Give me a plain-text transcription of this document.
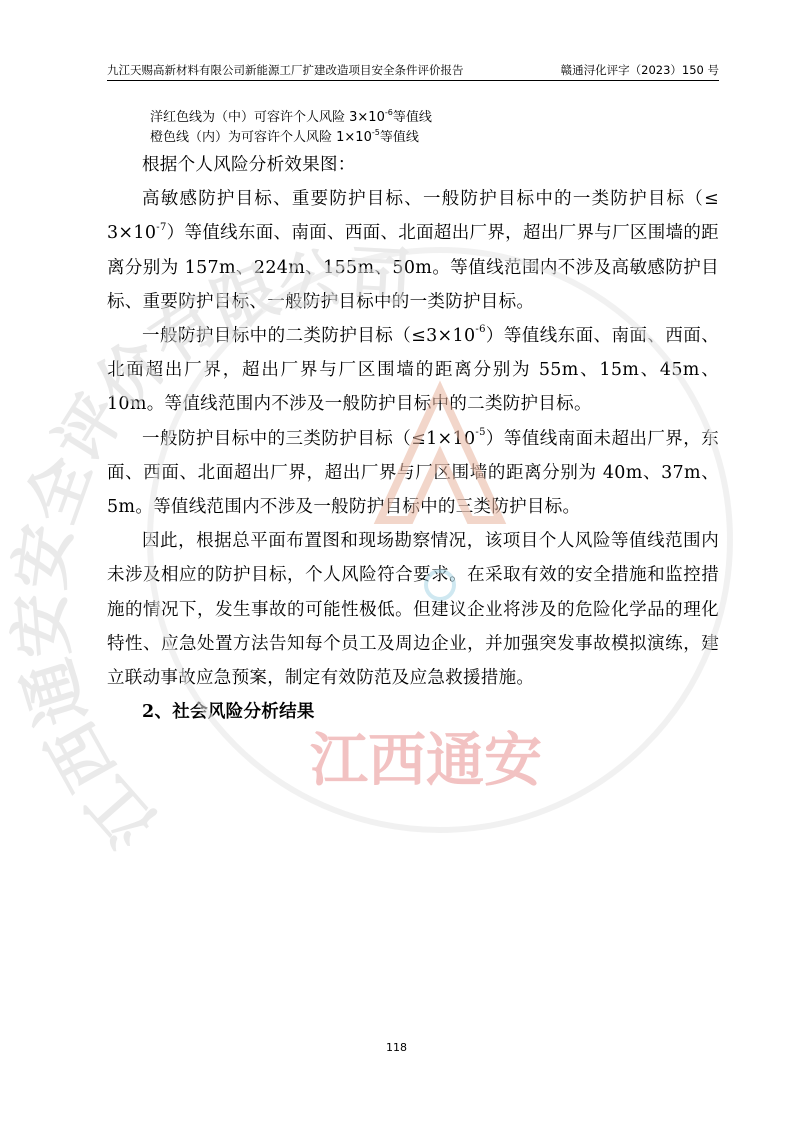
九江天赐高新材料有限公司新能源工厂扩建改造项目安全条件评价报告	赣通浔化评字（2023）150 号
洋红色线为（中）可容许个人风险 $3\times 10^{-6}$等值线
橙色线（内）为可容许个人风险 $1\times 10^{-5}$等值线

根据个人风险分析效果图：

高敏感防护目标、重要防护目标、一般防护目标中的一类防护目标（≤ $3\times 10^{-7}$）等值线东面、南面、西面、北面超出厂界，超出厂界与厂区围墙的距离分别为 157m、224m、155m、50m。等值线范围内不涉及高敏感防护目标、重要防护目标、一般防护目标中的一类防护目标。

一般防护目标中的二类防护目标$(\le 3\times 10^{-6})$等值线东面、南面、西面、北面超出厂界，超出厂界与厂区围墙的距离分别为 55m、15m、45m、10m。等值线范围内不涉及一般防护目标中的二类防护目标。

一般防护目标中的三类防护目标$(\le 1\times 10^{-5})$等值线南面未超出厂界，东面、西面、北面超出厂界，超出厂界与厂区围墙的距离分别为 40m、37m、5m。等值线范围内不涉及一般防护目标中的三类防护目标。

因此，根据总平面布置图和现场勘察情况，该项目个人风险等值线范围内未涉及相应的防护目标，个人风险符合要求。在采取有效的安全措施和监控措施的情况下，发生事故的可能性极低。但建议企业将涉及的危险化学品的理化特性、应急处置方法告知每个员工及周边企业，并加强突发事故模拟演练，建立联动事故应急预案，制定有效防范及应急救援措施。

2、社会风险分析结果

江西通安安全评价有限公司
江西通安
118
